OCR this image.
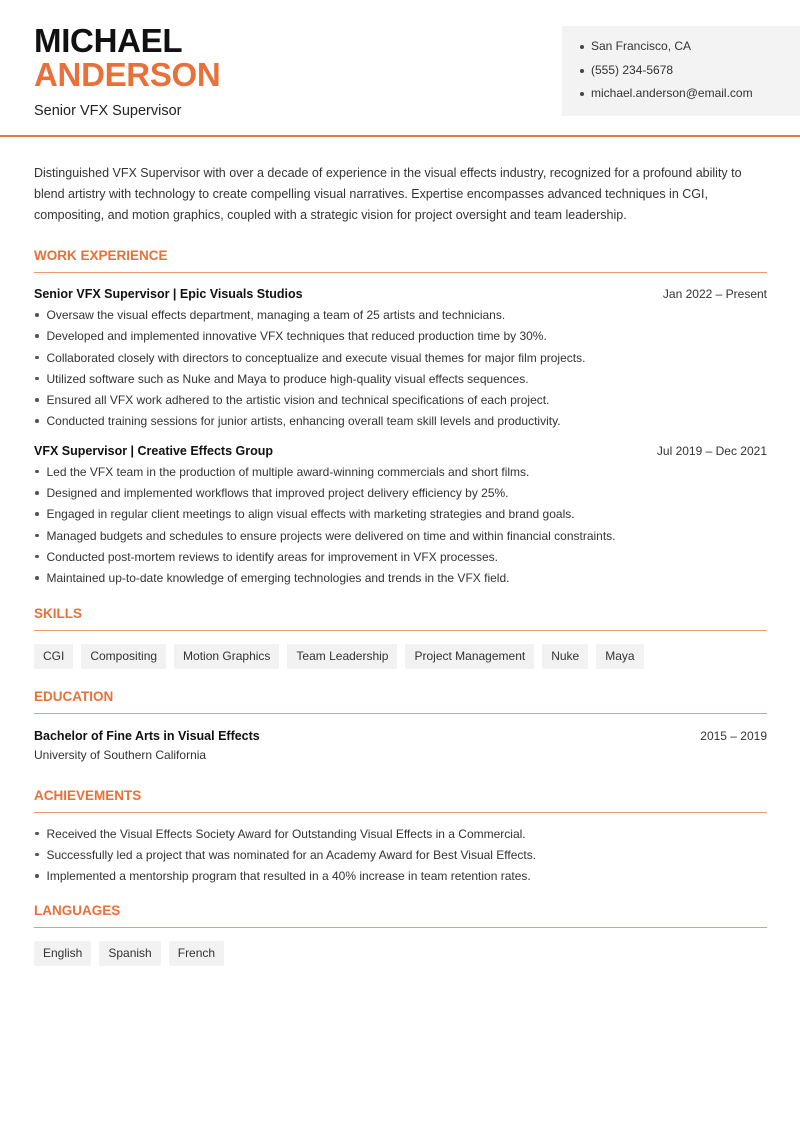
MICHAEL
ANDERSON
Senior VFX Supervisor
San Francisco, CA
(555) 234-5678
michael.anderson@email.com

Distinguished VFX Supervisor with over a decade of experience in the visual effects industry, recognized for a profound ability to blend artistry with technology to create compelling visual narratives. Expertise encompasses advanced techniques in CGI, compositing, and motion graphics, coupled with a strategic vision for project oversight and team leadership.

WORK EXPERIENCE
Senior VFX Supervisor | Epic Visuals Studios	Jan 2022 – Present
Oversaw the visual effects department, managing a team of 25 artists and technicians.
Developed and implemented innovative VFX techniques that reduced production time by 30%.
Collaborated closely with directors to conceptualize and execute visual themes for major film projects.
Utilized software such as Nuke and Maya to produce high-quality visual effects sequences.
Ensured all VFX work adhered to the artistic vision and technical specifications of each project.
Conducted training sessions for junior artists, enhancing overall team skill levels and productivity.
VFX Supervisor | Creative Effects Group	Jul 2019 – Dec 2021
Led the VFX team in the production of multiple award-winning commercials and short films.
Designed and implemented workflows that improved project delivery efficiency by 25%.
Engaged in regular client meetings to align visual effects with marketing strategies and brand goals.
Managed budgets and schedules to ensure projects were delivered on time and within financial constraints.
Conducted post-mortem reviews to identify areas for improvement in VFX processes.
Maintained up-to-date knowledge of emerging technologies and trends in the VFX field.
SKILLS
CGI	Compositing	Motion Graphics	Team Leadership	Project Management	Nuke	Maya
EDUCATION
Bachelor of Fine Arts in Visual Effects	2015 – 2019
University of Southern California
ACHIEVEMENTS
Received the Visual Effects Society Award for Outstanding Visual Effects in a Commercial.
Successfully led a project that was nominated for an Academy Award for Best Visual Effects.
Implemented a mentorship program that resulted in a 40% increase in team retention rates.
LANGUAGES
English	Spanish	French
